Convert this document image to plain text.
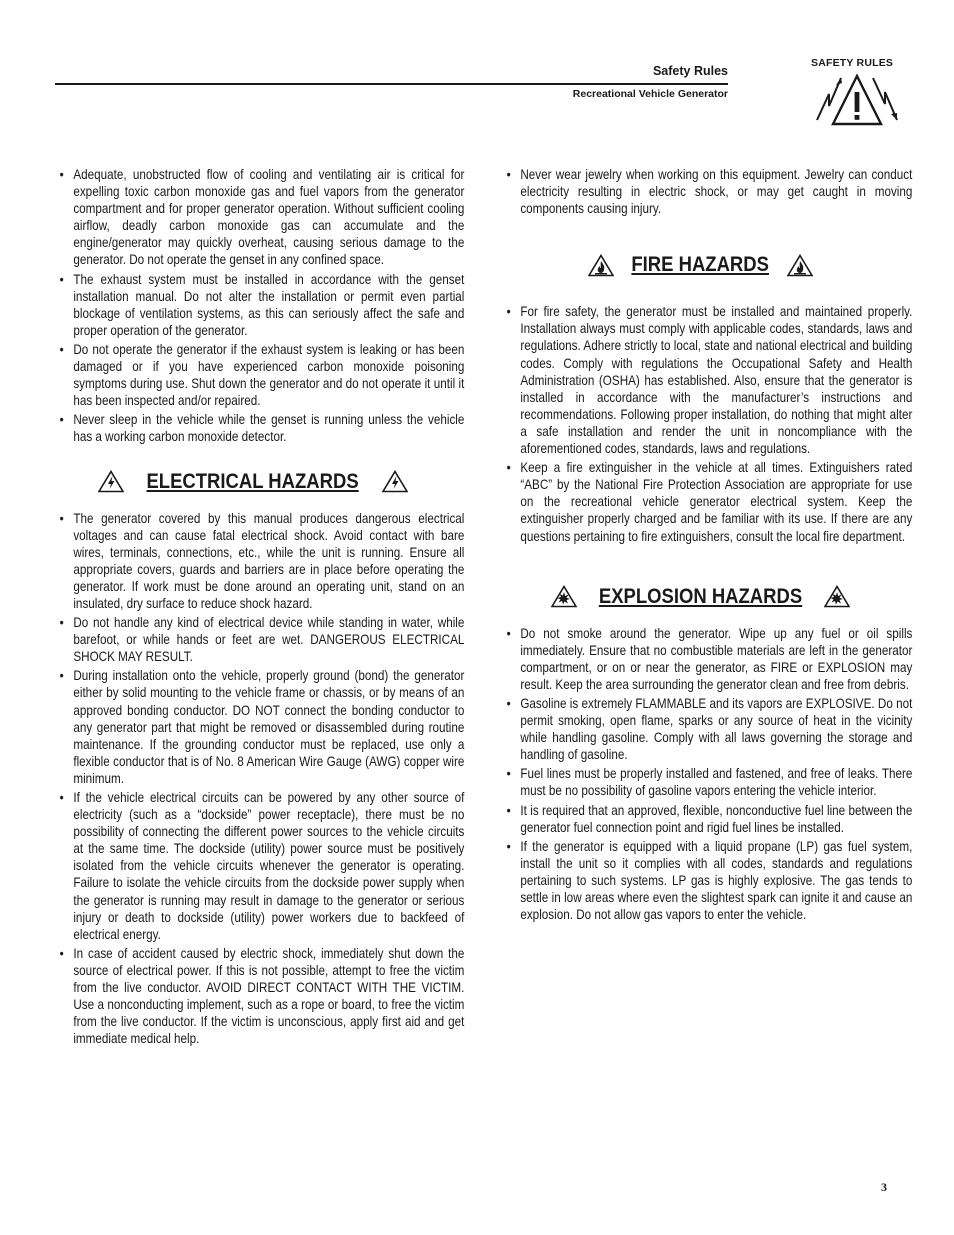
Safety Rules
Recreational Vehicle Generator
SAFETY RULES
• Adequate, unobstructed flow of cooling and ventilating air is critical for expelling toxic carbon monoxide gas and fuel vapors from the generator compartment and for proper generator operation. Without sufficient cooling airflow, deadly carbon monoxide gas can accumulate and the engine/generator may quickly overheat, causing serious damage to the generator. Do not operate the genset in any confined space.
• The exhaust system must be installed in accordance with the genset installation manual. Do not alter the installation or permit even partial blockage of ventilation systems, as this can seriously affect the safe and proper operation of the generator.
• Do not operate the generator if the exhaust system is leaking or has been damaged or if you have experienced carbon monoxide poisoning symptoms during use. Shut down the generator and do not operate it until it has been inspected and/or repaired.
• Never sleep in the vehicle while the genset is running unless the vehicle has a working carbon monoxide detector.
ELECTRICAL HAZARDS
• The generator covered by this manual produces dangerous electrical voltages and can cause fatal electrical shock. Avoid contact with bare wires, terminals, connections, etc., while the unit is running. Ensure all appropriate covers, guards and barriers are in place before operating the generator. If work must be done around an operating unit, stand on an insulated, dry surface to reduce shock hazard.
• Do not handle any kind of electrical device while standing in water, while barefoot, or while hands or feet are wet. DANGEROUS ELECTRICAL SHOCK MAY RESULT.
• During installation onto the vehicle, properly ground (bond) the generator either by solid mounting to the vehicle frame or chassis, or by means of an approved bonding conductor. DO NOT connect the bonding conductor to any generator part that might be removed or disassembled during routine maintenance. If the grounding conductor must be replaced, use only a flexible conductor that is of No. 8 American Wire Gauge (AWG) copper wire minimum.
• If the vehicle electrical circuits can be powered by any other source of electricity (such as a “dockside” power receptacle), there must be no possibility of connecting the different power sources to the vehicle circuits at the same time. The dockside (utility) power source must be positively isolated from the vehicle circuits whenever the generator is operating. Failure to isolate the vehicle circuits from the dockside power supply when the generator is running may result in damage to the generator or serious injury or death to dockside (utility) power workers due to backfeed of electrical energy.
• In case of accident caused by electric shock, immediately shut down the source of electrical power. If this is not possible, attempt to free the victim from the live conductor. AVOID DIRECT CONTACT WITH THE VICTIM. Use a nonconducting implement, such as a rope or board, to free the victim from the live conductor. If the victim is unconscious, apply first aid and get immediate medical help.
• Never wear jewelry when working on this equipment. Jewelry can conduct electricity resulting in electric shock, or may get caught in moving components causing injury.
FIRE HAZARDS
• For fire safety, the generator must be installed and maintained properly. Installation always must comply with applicable codes, standards, laws and regulations. Adhere strictly to local, state and national electrical and building codes. Comply with regulations the Occupational Safety and Health Administration (OSHA) has established. Also, ensure that the generator is installed in accordance with the manufacturer’s instructions and recommendations. Following proper installation, do nothing that might alter a safe installation and render the unit in noncompliance with the aforementioned codes, standards, laws and regulations.
• Keep a fire extinguisher in the vehicle at all times. Extinguishers rated “ABC” by the National Fire Protection Association are appropriate for use on the recreational vehicle generator electrical system. Keep the extinguisher properly charged and be familiar with its use. If there are any questions pertaining to fire extinguishers, consult the local fire department.
EXPLOSION HAZARDS
• Do not smoke around the generator. Wipe up any fuel or oil spills immediately. Ensure that no combustible materials are left in the generator compartment, or on or near the generator, as FIRE or EXPLOSION may result. Keep the area surrounding the generator clean and free from debris.
• Gasoline is extremely FLAMMABLE and its vapors are EXPLOSIVE. Do not permit smoking, open flame, sparks or any source of heat in the vicinity while handling gasoline. Comply with all laws governing the storage and handling of gasoline.
• Fuel lines must be properly installed and fastened, and free of leaks. There must be no possibility of gasoline vapors entering the vehicle interior.
• It is required that an approved, flexible, nonconductive fuel line between the generator fuel connection point and rigid fuel lines be installed.
• If the generator is equipped with a liquid propane (LP) gas fuel system, install the unit so it complies with all codes, standards and regulations pertaining to such systems. LP gas is highly explosive. The gas tends to settle in low areas where even the slightest spark can ignite it and cause an explosion. Do not allow gas vapors to enter the vehicle.
3
